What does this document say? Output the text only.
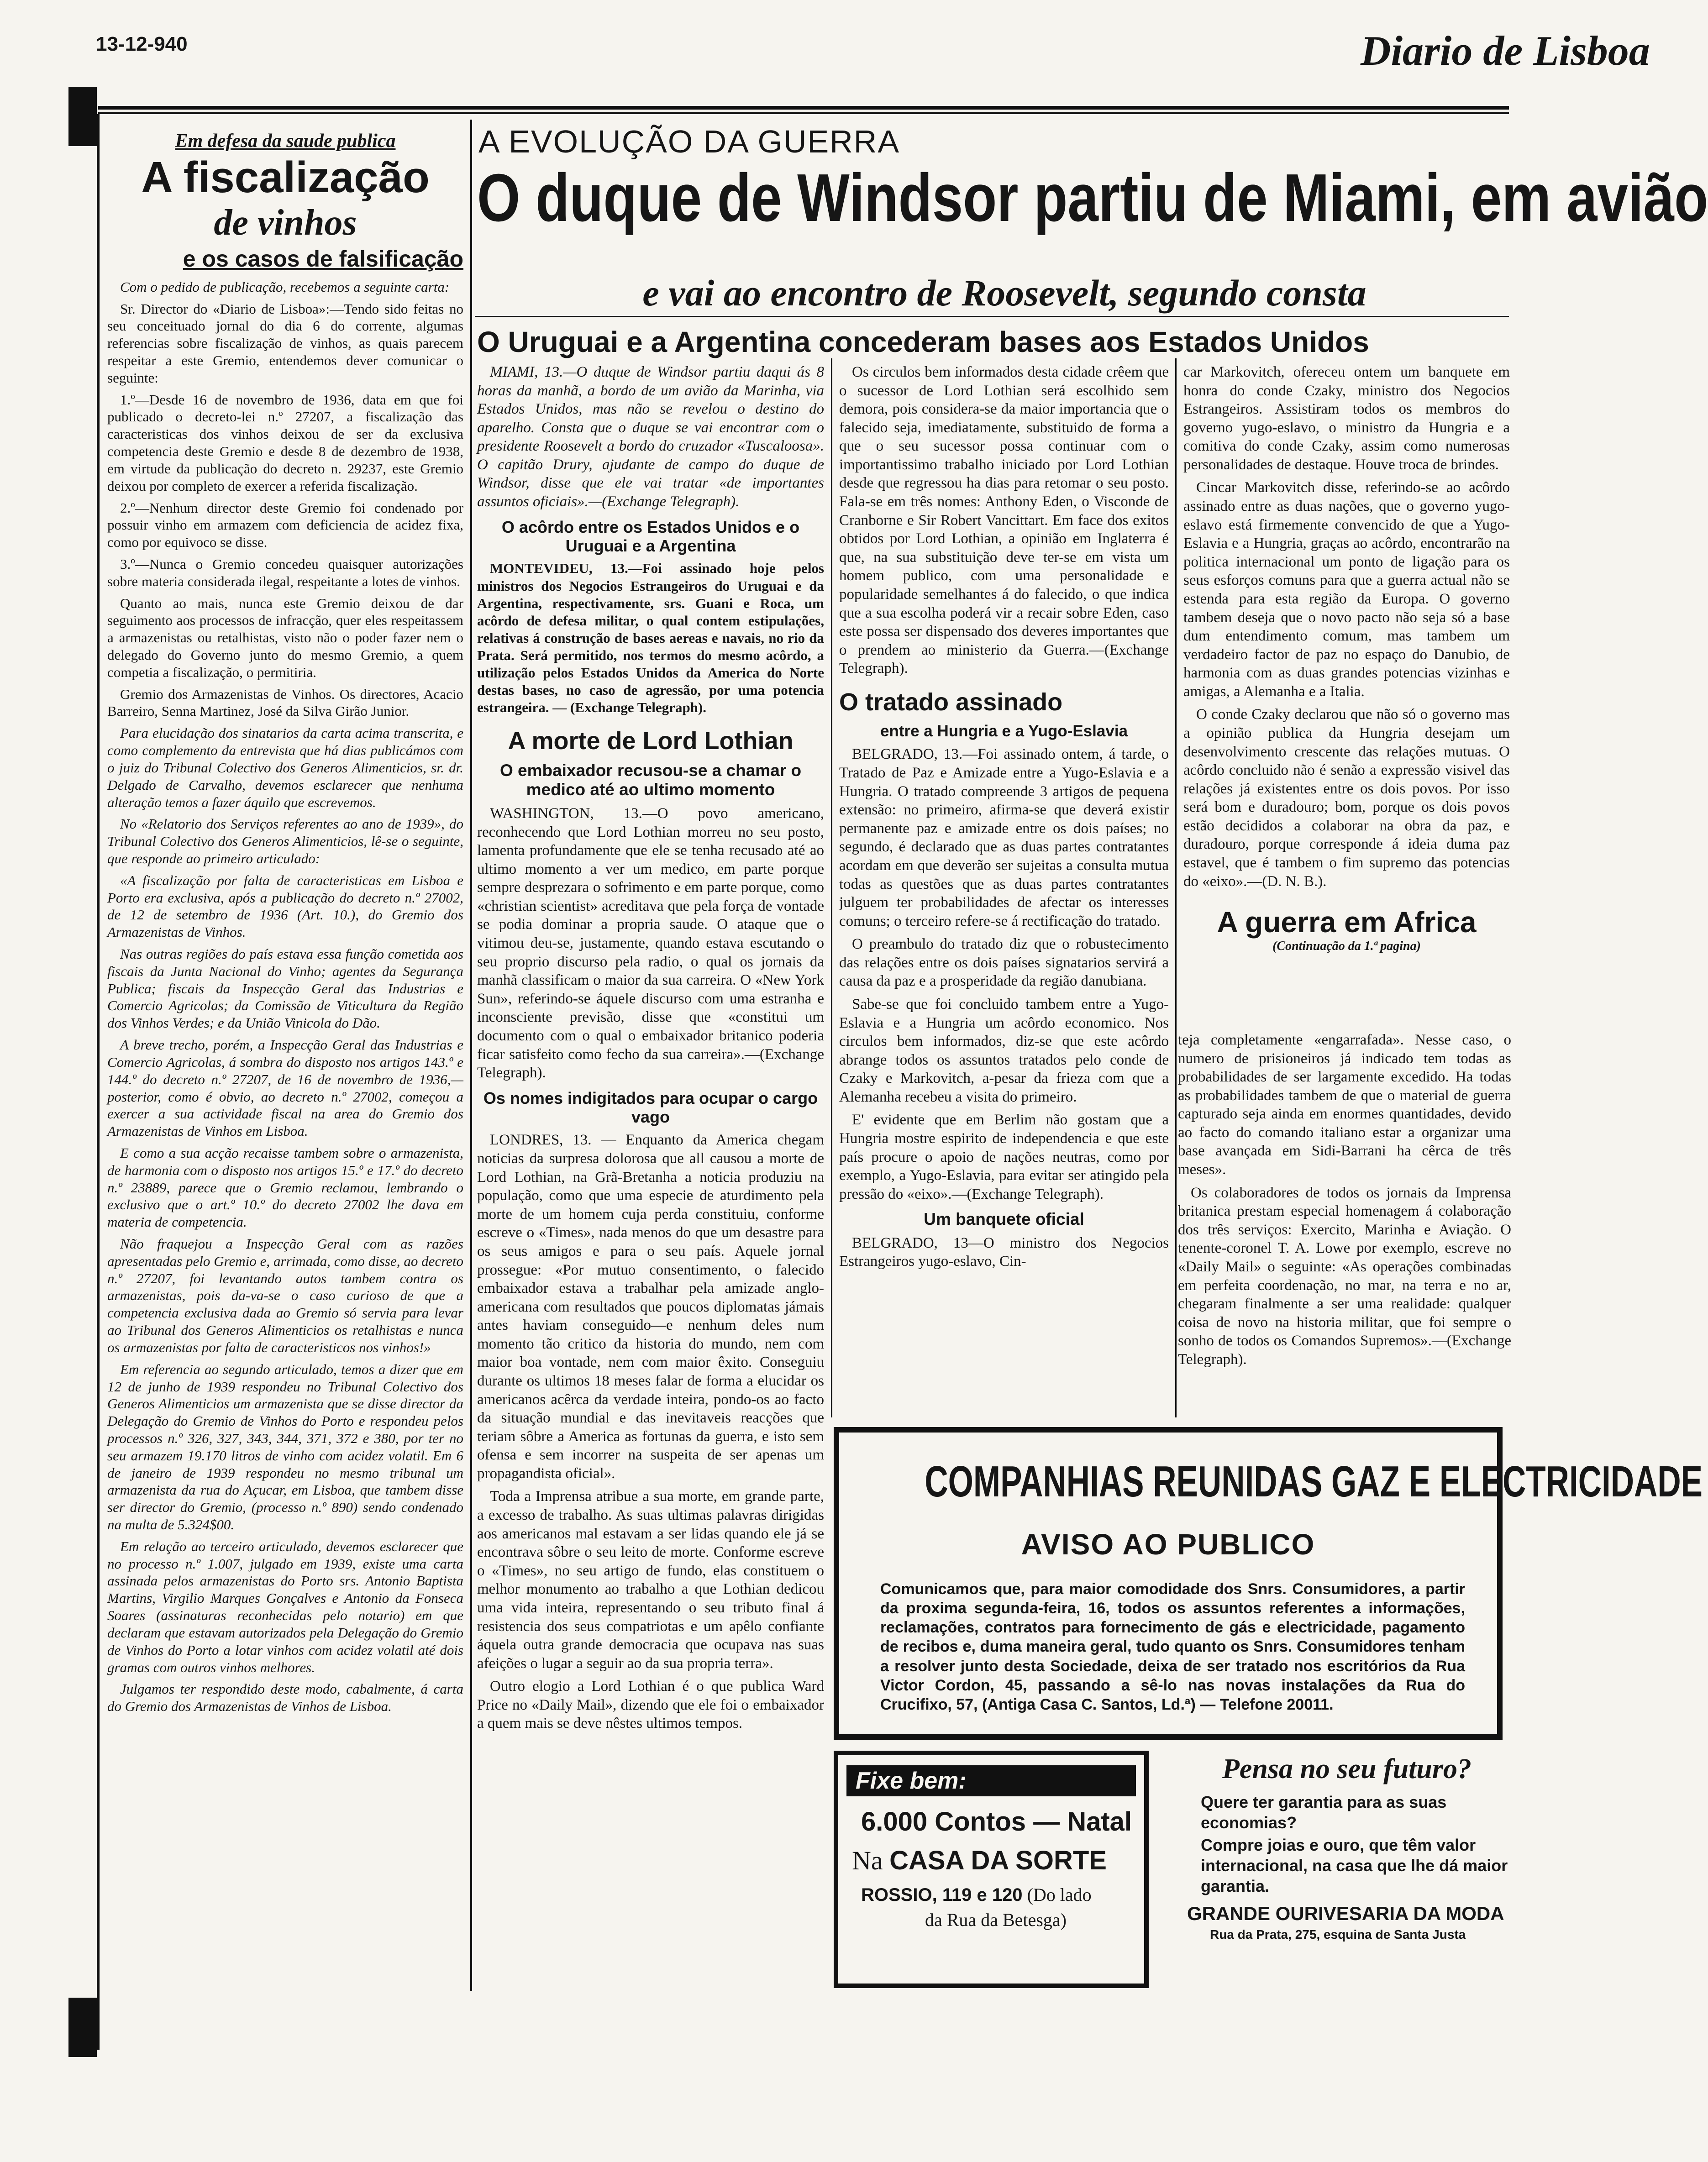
13-12-940	Diario de Lisboa
Em defesa da saude publica
A fiscalização
de vinhos
e os casos de falsificação

Com o pedido de publicação, recebemos a seguinte carta:

Sr. Director do «Diario de Lisboa»:—Tendo sido feitas no seu conceituado jornal do dia 6 do corrente, algumas referencias sobre fiscalização de vinhos, as quais parecem respeitar a este Gremio, entendemos dever comunicar o seguinte:

1.º—Desde 16 de novembro de 1936, data em que foi publicado o decreto-lei n.º 27207, a fiscalização das caracteristicas dos vinhos deixou de ser da exclusiva competencia deste Gremio e desde 8 de dezembro de 1938, em virtude da publicação do decreto n. 29237, este Gremio deixou por completo de exercer a referida fiscalização.

2.º—Nenhum director deste Gremio foi condenado por possuir vinho em armazem com deficiencia de acidez fixa, como por equivoco se disse.

3.º—Nunca o Gremio concedeu quaisquer autorizações sobre materia considerada ilegal, respeitante a lotes de vinhos.

Quanto ao mais, nunca este Gremio deixou de dar seguimento aos processos de infracção, quer eles respeitassem a armazenistas ou retalhistas, visto não o poder fazer nem o delegado do Governo junto do mesmo Gremio, a quem competia a fiscalização, o permitiria.

Gremio dos Armazenistas de Vinhos. Os directores, Acacio Barreiro, Senna Martinez, José da Silva Girão Junior.

Para elucidação dos sinatarios da carta acima transcrita, e como complemento da entrevista que há dias publicámos com o juiz do Tribunal Colectivo dos Generos Alimenticios, sr. dr. Delgado de Carvalho, devemos esclarecer que nenhuma alteração temos a fazer áquilo que escrevemos.

No «Relatorio dos Serviços referentes ao ano de 1939», do Tribunal Colectivo dos Generos Alimenticios, lê-se o seguinte, que responde ao primeiro articulado:

«A fiscalização por falta de caracteristicas em Lisboa e Porto era exclusiva, após a publicação do decreto n.º 27002, de 12 de setembro de 1936 (Art. 10.), do Gremio dos Armazenistas de Vinhos.

Nas outras regiões do país estava essa função cometida aos fiscais da Junta Nacional do Vinho; agentes da Segurança Publica; fiscais da Inspecção Geral das Industrias e Comercio Agricolas; da Comissão de Viticultura da Região dos Vinhos Verdes; e da União Vinicola do Dão.

A breve trecho, porém, a Inspecção Geral das Industrias e Comercio Agricolas, á sombra do disposto nos artigos 143.º e 144.º do decreto n.º 27207, de 16 de novembro de 1936,—posterior, como é obvio, ao decreto n.º 27002, começou a exercer a sua actividade fiscal na area do Gremio dos Armazenistas de Vinhos em Lisboa.

E como a sua acção recaisse tambem sobre o armazenista, de harmonia com o disposto nos artigos 15.º e 17.º do decreto n.º 23889, parece que o Gremio reclamou, lembrando o exclusivo que o art.º 10.º do decreto 27002 lhe dava em materia de competencia.

Não fraquejou a Inspecção Geral com as razões apresentadas pelo Gremio e, arrimada, como disse, ao decreto n.º 27207, foi levantando autos tambem contra os armazenistas, pois da-va-se o caso curioso de que a competencia exclusiva dada ao Gremio só servia para levar ao Tribunal dos Generos Alimenticios os retalhistas e nunca os armazenistas por falta de caracteristicos nos vinhos!»

Em referencia ao segundo articulado, temos a dizer que em 12 de junho de 1939 respondeu no Tribunal Colectivo dos Generos Alimenticios um armazenista que se disse director da Delegação do Gremio de Vinhos do Porto e respondeu pelos processos n.º 326, 327, 343, 344, 371, 372 e 380, por ter no seu armazem 19.170 litros de vinho com acidez volatil. Em 6 de janeiro de 1939 respondeu no mesmo tribunal um armazenista da rua do Açucar, em Lisboa, que tambem disse ser director do Gremio, (processo n.º 890) sendo condenado na multa de 5.324$00.

Em relação ao terceiro articulado, devemos esclarecer que no processo n.º 1.007, julgado em 1939, existe uma carta assinada pelos armazenistas do Porto srs. Antonio Baptista Martins, Virgilio Marques Gonçalves e Antonio da Fonseca Soares (assinaturas reconhecidas pelo notario) em que declaram que estavam autorizados pela Delegação do Gremio de Vinhos do Porto a lotar vinhos com acidez volatil até dois gramas com outros vinhos melhores.

Julgamos ter respondido deste modo, cabalmente, á carta do Gremio dos Armazenistas de Vinhos de Lisboa.

A EVOLUÇÃO DA GUERRA
O duque de Windsor partiu de Miami, em avião
e vai ao encontro de Roosevelt, segundo consta
O Uruguai e a Argentina concederam bases aos Estados Unidos

MIAMI, 13.—O duque de Windsor partiu daqui ás 8 horas da manhã, a bordo de um avião da Marinha, via Estados Unidos, mas não se revelou o destino do aparelho. Consta que o duque se vai encontrar com o presidente Roosevelt a bordo do cruzador «Tuscaloosa». O capitão Drury, ajudante de campo do duque de Windsor, disse que ele vai tratar «de importantes assuntos oficiais».—(Exchange Telegraph).

O acôrdo entre os Estados Unidos e o Uruguai e a Argentina

MONTEVIDEU, 13.—Foi assinado hoje pelos ministros dos Negocios Estrangeiros do Uruguai e da Argentina, respectivamente, srs. Guani e Roca, um acôrdo de defesa militar, o qual contem estipulações, relativas á construção de bases aereas e navais, no rio da Prata. Será permitido, nos termos do mesmo acôrdo, a utilização pelos Estados Unidos da America do Norte destas bases, no caso de agressão, por uma potencia estrangeira. — (Exchange Telegraph).

A morte de Lord Lothian
O embaixador recusou-se a chamar o medico até ao ultimo momento

WASHINGTON, 13.—O povo americano, reconhecendo que Lord Lothian morreu no seu posto, lamenta profundamente que ele se tenha recusado até ao ultimo momento a ver um medico, em parte porque sempre desprezara o sofrimento e em parte porque, como «christian scientist» acreditava que pela força de vontade se podia dominar a propria saude. O ataque que o vitimou deu-se, justamente, quando estava escutando o seu proprio discurso pela radio, o qual os jornais da manhã classificam o maior da sua carreira. O «New York Sun», referindo-se áquele discurso com uma estranha e inconsciente previsão, disse que «constitui um documento com o qual o embaixador britanico poderia ficar satisfeito como fecho da sua carreira».—(Exchange Telegraph).

Os nomes indigitados para ocupar o cargo vago

LONDRES, 13. — Enquanto da America chegam noticias da surpresa dolorosa que all causou a morte de Lord Lothian, na Grã-Bretanha a noticia produziu na população, como que uma especie de aturdimento pela morte de um homem cuja perda constituiu, conforme escreve o «Times», nada menos do que um desastre para os seus amigos e para o seu país. Aquele jornal prossegue: «Por mutuo consentimento, o falecido embaixador estava a trabalhar pela amizade anglo-americana com resultados que poucos diplomatas jámais antes haviam conseguido—e nenhum deles num momento tão critico da historia do mundo, nem com maior boa vontade, nem com maior êxito. Conseguiu durante os ultimos 18 meses falar de forma a elucidar os americanos acêrca da verdade inteira, pondo-os ao facto da situação mundial e das inevitaveis reacções que teriam sôbre a America as fortunas da guerra, e isto sem ofensa e sem incorrer na suspeita de ser apenas um propagandista oficial».

Toda a Imprensa atribue a sua morte, em grande parte, a excesso de trabalho. As suas ultimas palavras dirigidas aos americanos mal estavam a ser lidas quando ele já se encontrava sôbre o seu leito de morte. Conforme escreve o «Times», no seu artigo de fundo, elas constituem o melhor monumento ao trabalho a que Lothian dedicou uma vida inteira, representando o seu tributo final á resistencia dos seus compatriotas e um apêlo confiante áquela outra grande democracia que ocupava nas suas afeições o lugar a seguir ao da sua propria terra».

Outro elogio a Lord Lothian é o que publica Ward Price no «Daily Mail», dizendo que ele foi o embaixador a quem mais se deve nêstes ultimos tempos.

Os circulos bem informados desta cidade crêem que o sucessor de Lord Lothian será escolhido sem demora, pois considera-se da maior importancia que o falecido seja, imediatamente, substituido de forma a que o seu sucessor possa continuar com o importantissimo trabalho iniciado por Lord Lothian desde que regressou ha dias para retomar o seu posto. Fala-se em três nomes: Anthony Eden, o Visconde de Cranborne e Sir Robert Vancittart. Em face dos exitos obtidos por Lord Lothian, a opinião em Inglaterra é que, na sua substituição deve ter-se em vista um homem publico, com uma personalidade e popularidade semelhantes á do falecido, o que indica que a sua escolha poderá vir a recair sobre Eden, caso este possa ser dispensado dos deveres importantes que o prendem ao ministerio da Guerra.—(Exchange Telegraph).

O tratado assinado
entre a Hungria e a Yugo-Eslavia

BELGRADO, 13.—Foi assinado ontem, á tarde, o Tratado de Paz e Amizade entre a Yugo-Eslavia e a Hungria. O tratado compreende 3 artigos de pequena extensão: no primeiro, afirma-se que deverá existir permanente paz e amizade entre os dois países; no segundo, é declarado que as duas partes contratantes acordam em que deverão ser sujeitas a consulta mutua todas as questões que as duas partes contratantes julguem ter probabilidades de afectar os interesses comuns; o terceiro refere-se á rectificação do tratado.

O preambulo do tratado diz que o robustecimento das relações entre os dois países signatarios servirá a causa da paz e a prosperidade da região danubiana.

Sabe-se que foi concluido tambem entre a Yugo-Eslavia e a Hungria um acôrdo economico. Nos circulos bem informados, diz-se que este acôrdo abrange todos os assuntos tratados pelo conde de Czaky e Markovitch, a-pesar da frieza com que a Alemanha recebeu a visita do primeiro.

E' evidente que em Berlim não gostam que a Hungria mostre espirito de independencia e que este país procure o apoio de nações neutras, como por exemplo, a Yugo-Eslavia, para evitar ser atingido pela pressão do «eixo».—(Exchange Telegraph).

Um banquete oficial

BELGRADO, 13—O ministro dos Negocios Estrangeiros yugo-eslavo, Cin-

car Markovitch, ofereceu ontem um banquete em honra do conde Czaky, ministro dos Negocios Estrangeiros. Assistiram todos os membros do governo yugo-eslavo, o ministro da Hungria e a comitiva do conde Czaky, assim como numerosas personalidades de destaque. Houve troca de brindes.

Cincar Markovitch disse, referindo-se ao acôrdo assinado entre as duas nações, que o governo yugo-eslavo está firmemente convencido de que a Yugo-Eslavia e a Hungria, graças ao acôrdo, encontrarão na politica internacional um ponto de ligação para os seus esforços comuns para que a guerra actual não se estenda para esta região da Europa. O governo tambem deseja que o novo pacto não seja só a base dum entendimento comum, mas tambem um verdadeiro factor de paz no espaço do Danubio, de harmonia com as duas grandes potencias vizinhas e amigas, a Alemanha e a Italia.

O conde Czaky declarou que não só o governo mas a opinião publica da Hungria desejam um desenvolvimento crescente das relações mutuas. O acôrdo concluido não é senão a expressão visivel das relações já existentes entre os dois povos. Por isso será bom e duradouro; bom, porque os dois povos estão decididos a colaborar na obra da paz, e duradouro, porque corresponde á ideia duma paz estavel, que é tambem o fim supremo das potencias do «eixo».—(D. N. B.).

A guerra em Africa
(Continuação da 1.ª pagina)

teja completamente «engarrafada». Nesse caso, o numero de prisioneiros já indicado tem todas as probabilidades de ser largamente excedido. Ha todas as probabilidades tambem de que o material de guerra capturado seja ainda em enormes quantidades, devido ao facto do comando italiano estar a organizar uma base avançada em Sidi-Barrani ha cêrca de três meses».

Os colaboradores de todos os jornais da Imprensa britanica prestam especial homenagem á colaboração dos três serviços: Exercito, Marinha e Aviação. O tenente-coronel T. A. Lowe por exemplo, escreve no «Daily Mail» o seguinte: «As operações combinadas em perfeita coordenação, no mar, na terra e no ar, chegaram finalmente a ser uma realidade: qualquer coisa de novo na historia militar, que foi sempre o sonho de todos os Comandos Supremos».—(Exchange Telegraph).

COMPANHIAS REUNIDAS GAZ E ELECTRICIDADE
AVISO AO PUBLICO
Comunicamos que, para maior comodidade dos Snrs. Consumidores, a partir da proxima segunda-feira, 16, todos os assuntos referentes a informações, reclamações, contratos para fornecimento de gás e electricidade, pagamento de recibos e, duma maneira geral, tudo quanto os Snrs. Consumidores tenham a resolver junto desta Sociedade, deixa de ser tratado nos escritórios da Rua Victor Cordon, 45, passando a sê-lo nas novas instalações da Rua do Crucifixo, 57, (Antiga Casa C. Santos, Ld.ª) — Telefone 20011.
Fixe bem:
6.000 Contos — Natal
Na CASA DA SORTE
ROSSIO, 119 e 120 (Do lado
da Rua da Betesga)
Pensa no seu futuro?
Quere ter garantia para as suas economias?
Compre joias e ouro, que têm valor internacional, na casa que lhe dá maior garantia.
GRANDE OURIVESARIA DA MODA
Rua da Prata, 275, esquina de Santa Justa
